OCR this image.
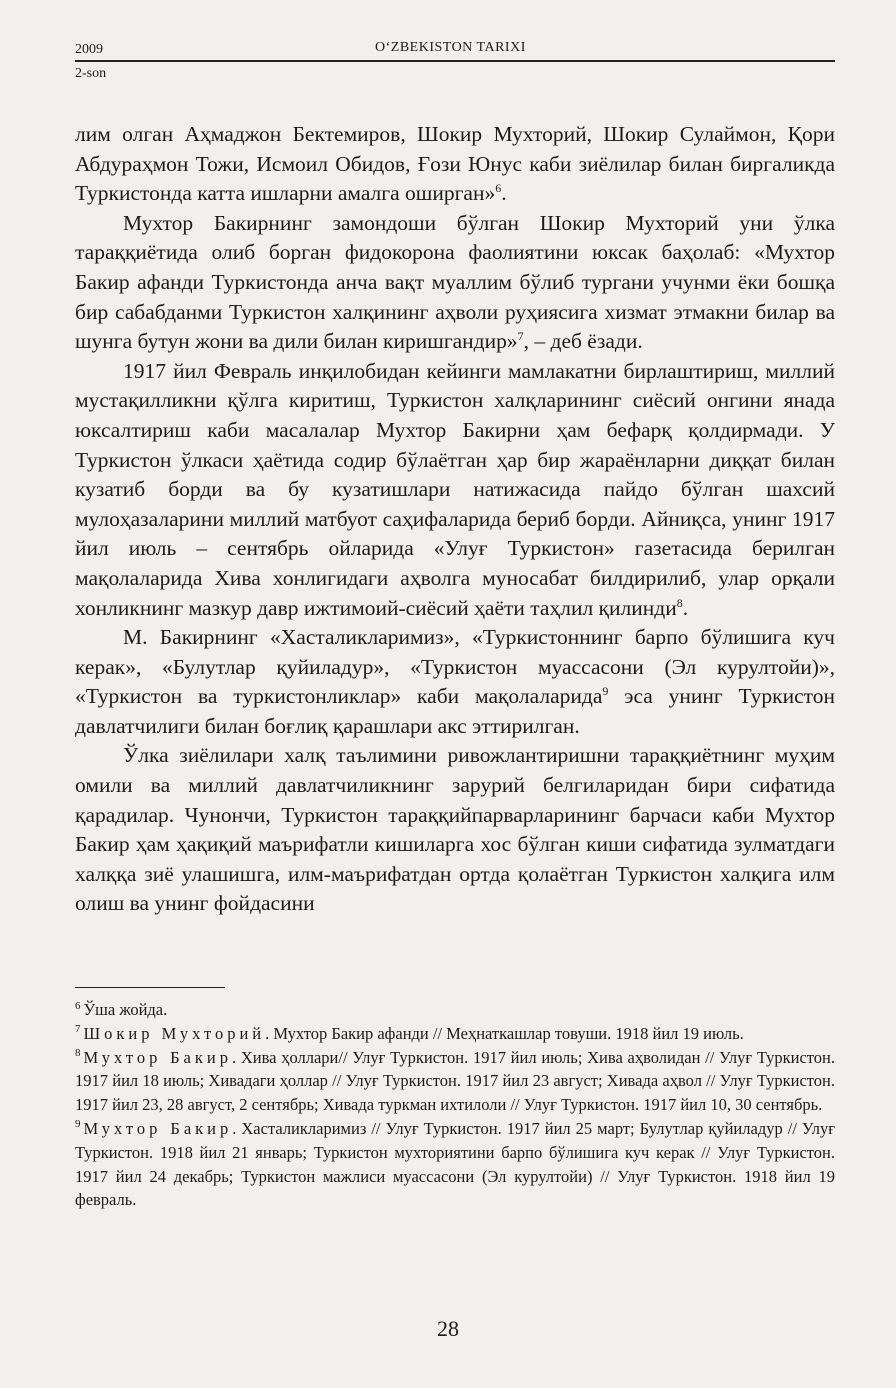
2009	O‘ZBEKISTON TARIXI
2-son

лим олган Аҳмаджон Бектемиров, Шокир Мухторий, Шокир Сулаймон, Қори Абдураҳмон Тожи, Исмоил Обидов, Ғози Юнус каби зиёлилар билан биргаликда Туркистонда катта ишларни амалга оширган»$^6$.

Мухтор Бакирнинг замондоши бўлган Шокир Мухторий уни ўлка тараққиётида олиб борган фидокорона фаолиятини юксак баҳолаб: «Мухтор Бакир афанди Туркистонда анча вақт муаллим бўлиб тургани учунми ёки бошқа бир сабабданми Туркистон халқининг аҳволи руҳиясига хизмат этмакни билар ва шунга бутун жони ва дили билан киришгандир»$^7$, – деб ёзади.

1917 йил Февраль инқилобидан кейинги мамлакатни бирлаштириш, миллий мустақилликни қўлга киритиш, Туркистон халқларининг сиёсий онгини янада юксалтириш каби масалалар Мухтор Бакирни ҳам бефарқ қолдирмади. У Туркистон ўлкаси ҳаётида содир бўлаётган ҳар бир жараёнларни диққат билан кузатиб борди ва бу кузатишлари натижасида пайдо бўлган шахсий мулоҳазаларини миллий матбуот саҳифаларида бериб борди. Айниқса, унинг 1917 йил июль – сентябрь ойларида «Улуғ Туркистон» газетасида берилган мақолаларида Хива хонлигидаги аҳволга муносабат билдирилиб, улар орқали хонликнинг мазкур давр ижтимоий-сиёсий ҳаёти таҳлил қилинди$^8$.

М. Бакирнинг «Хасталикларимиз», «Туркистоннинг барпо бўлишига куч керак», «Булутлар қуйиладур», «Туркистон муассасони (Эл курултойи)», «Туркистон ва туркистонликлар» каби мақолаларида$^9$ эса унинг Туркистон давлатчилиги билан боғлиқ қарашлари акс эттирилган.

Ўлка зиёлилари халқ таълимини ривожлантиришни тараққиётнинг муҳим омили ва миллий давлатчиликнинг зарурий белгиларидан бири сифатида қарадилар. Чунончи, Туркистон тараққийпарварларининг барчаси каби Мухтор Бакир ҳам ҳақиқий маърифатли кишиларга хос бўлган киши сифатида зулматдаги халққа зиё улашишга, илм-маърифатдан ортда қолаётган Туркистон халқига илм олиш ва унинг фойдасини

$^6$ Ўша жойда.

$^7$ Шокир Мухторий. Мухтор Бакир афанди // Меҳнаткашлар товуши. 1918 йил 19 июль.

$^8$ Мухтор Бакир. Хива ҳоллари// Улуғ Туркистон. 1917 йил июль; Хива аҳволидан // Улуғ Туркистон. 1917 йил 18 июль; Хивадаги ҳоллар // Улуғ Туркистон. 1917 йил 23 август; Хивада аҳвол // Улуғ Туркистон. 1917 йил 23, 28 август, 2 сентябрь; Хивада туркман ихтилоли // Улуғ Туркистон. 1917 йил 10, 30 сентябрь.

$^9$ Мухтор Бакир. Хасталикларимиз // Улуғ Туркистон. 1917 йил 25 март; Булутлар қуйиладур // Улуғ Туркистон. 1918 йил 21 январь; Туркистон мухториятини барпо бўлишига куч керак // Улуғ Туркистон. 1917 йил 24 декабрь; Туркистон мажлиси муассасони (Эл курултойи) // Улуғ Туркистон. 1918 йил 19 февраль.

28
